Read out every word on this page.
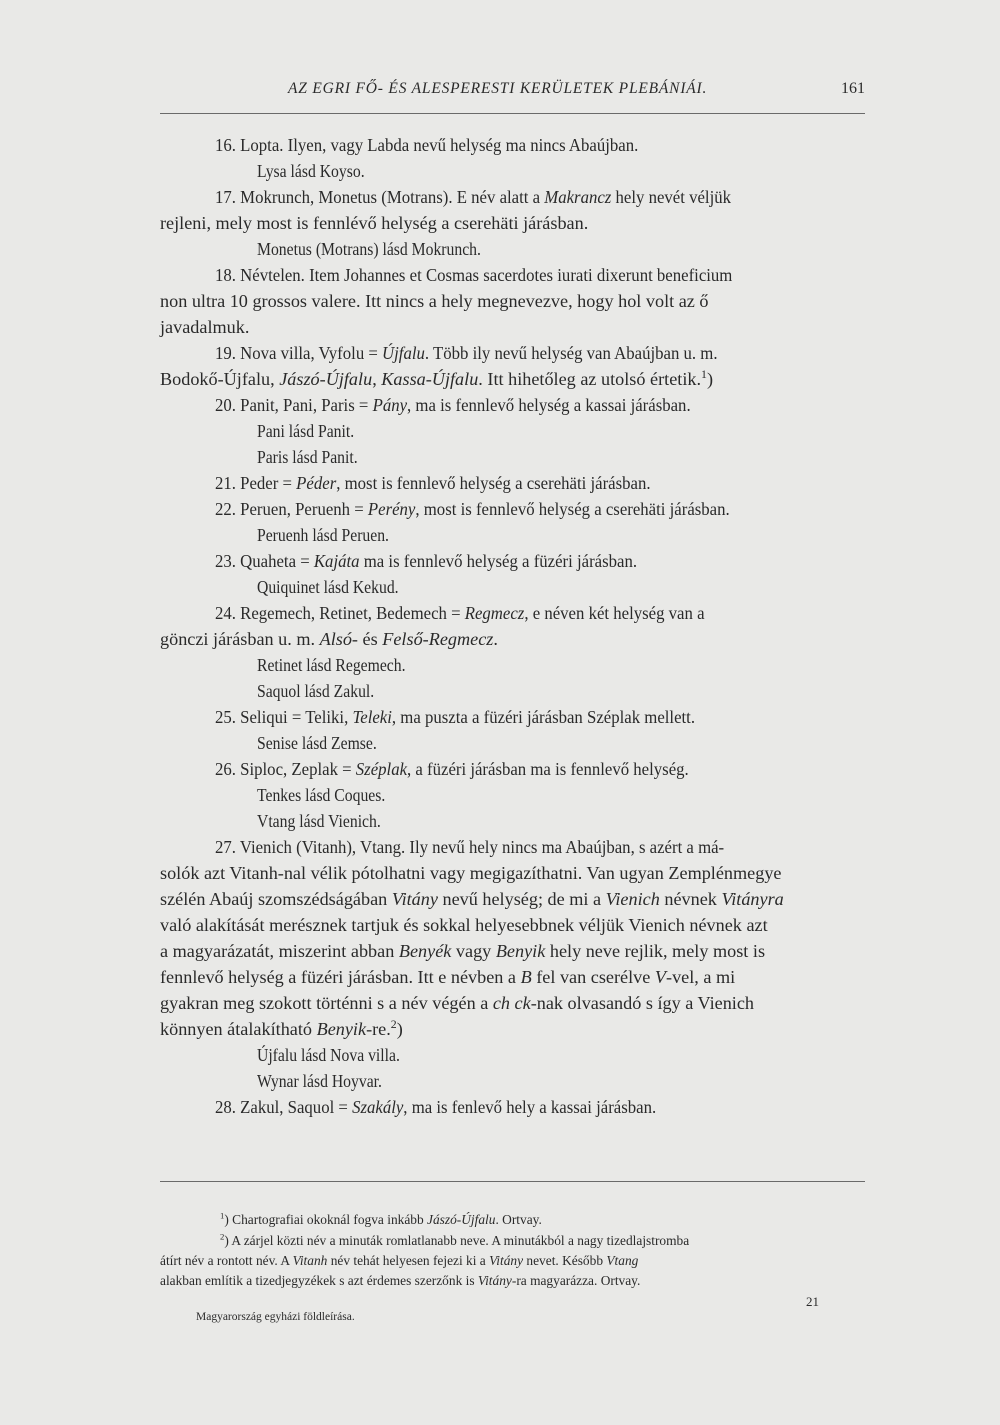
AZ EGRI FŐ- ÉS ALESPERESTI KERÜLETEK PLEBÁNIÁI.	161
16. Lopta. Ilyen, vagy Labda nevű helység ma nincs Abaújban.
Lysa lásd Koyso.
17. Mokrunch, Monetus (Motrans). E név alatt a Makrancz hely nevét véljük
rejleni, mely most is fennlévő helység a cserehäti járásban.
Monetus (Motrans) lásd Mokrunch.
18. Névtelen. Item Johannes et Cosmas sacerdotes iurati dixerunt beneficium
non ultra 10 grossos valere. Itt nincs a hely megnevezve, hogy hol volt az ő
javadalmuk.
19. Nova villa, Vyfolu = Újfalu. Több ily nevű helység van Abaújban u. m.
Bodokő-Újfalu, Jászó-Újfalu, Kassa-Újfalu. Itt hihetőleg az utolsó értetik.$^1$)
20. Panit, Pani, Paris = Pány, ma is fennlevő helység a kassai járásban.
Pani lásd Panit.
Paris lásd Panit.
21. Peder = Péder, most is fennlevő helység a cserehäti járásban.
22. Peruen, Peruenh = Perény, most is fennlevő helység a cserehäti járásban.
Peruenh lásd Peruen.
23. Quaheta = Kajáta ma is fennlevő helység a füzéri járásban.
Quiquinet lásd Kekud.
24. Regemech, Retinet, Bedemech = Regmecz, e néven két helység van a
gönczi járásban u. m. Alsó- és Felső-Regmecz.
Retinet lásd Regemech.
Saquol lásd Zakul.
25. Seliqui = Teliki, Teleki, ma puszta a füzéri járásban Széplak mellett.
Senise lásd Zemse.
26. Siploc, Zeplak = Széplak, a füzéri járásban ma is fennlevő helység.
Tenkes lásd Coques.
Vtang lásd Vienich.
27. Vienich (Vitanh), Vtang. Ily nevű hely nincs ma Abaújban, s azért a má-
solók azt Vitanh-nal vélik pótolhatni vagy megigazíthatni. Van ugyan Zemplénmegye
szélén Abaúj szomszédságában Vitány nevű helység; de mi a Vienich névnek Vitányra
való alakítását merésznek tartjuk és sokkal helyesebbnek véljük Vienich névnek azt
a magyarázatát, miszerint abban Benyék vagy Benyik hely neve rejlik, mely most is
fennlevő helység a füzéri járásban. Itt e névben a B fel van cserélve V-vel, a mi
gyakran meg szokott történni s a név végén a ch ck-nak olvasandó s így a Vienich
könnyen átalakítható Benyik-re.$^2$)
Újfalu lásd Nova villa.
Wynar lásd Hoyvar.
28. Zakul, Saquol = Szakály, ma is fenlevő hely a kassai járásban.
$^1$) Chartografiai okoknál fogva inkább Jászó-Újfalu. Ortvay.
$^2$) A zárjel közti név a minuták romlatlanabb neve. A minutákból a nagy tizedlajstromba
átírt név a rontott név. A Vitanh név tehát helyesen fejezi ki a Vitány nevet. Később Vtang
alakban említik a tizedjegyzékek s azt érdemes szerzőnk is Vitány-ra magyarázza. Ortvay.
Magyarország egyházi földleírása.
21
